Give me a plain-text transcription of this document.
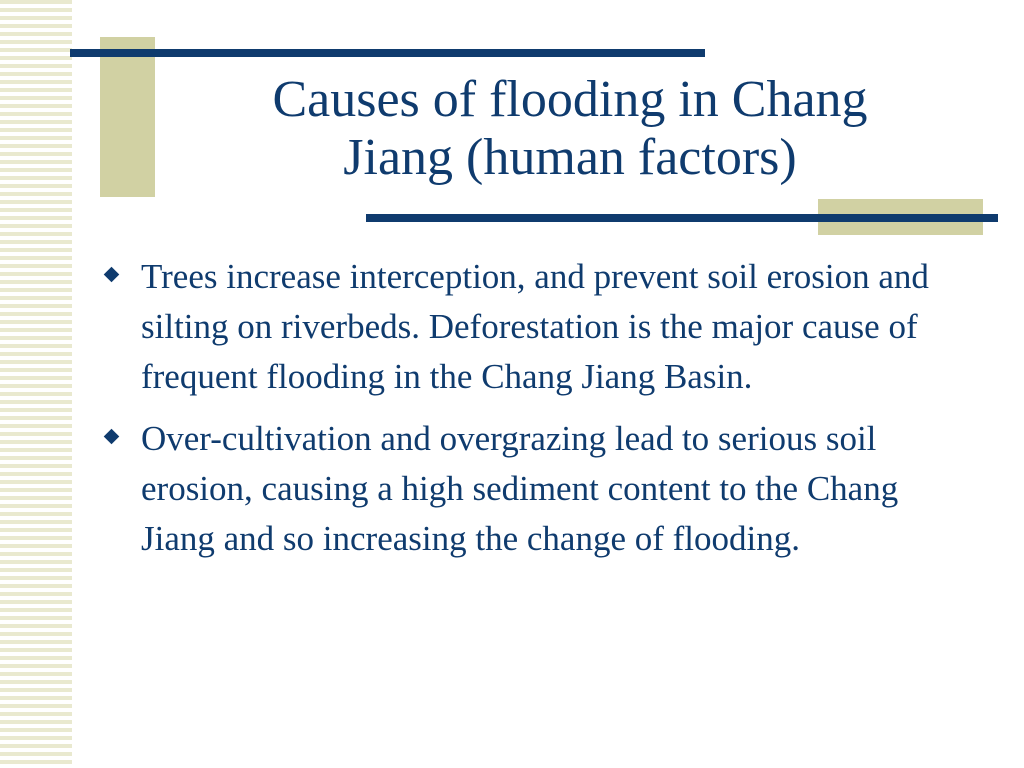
Causes of flooding in Chang
Jiang (human factors)
Trees increase interception, and prevent soil erosion and silting on riverbeds. Deforestation is the major cause of frequent flooding in the Chang Jiang Basin.
Over-cultivation and overgrazing lead to serious soil erosion, causing a high sediment content to the Chang Jiang and so increasing the change of flooding.
